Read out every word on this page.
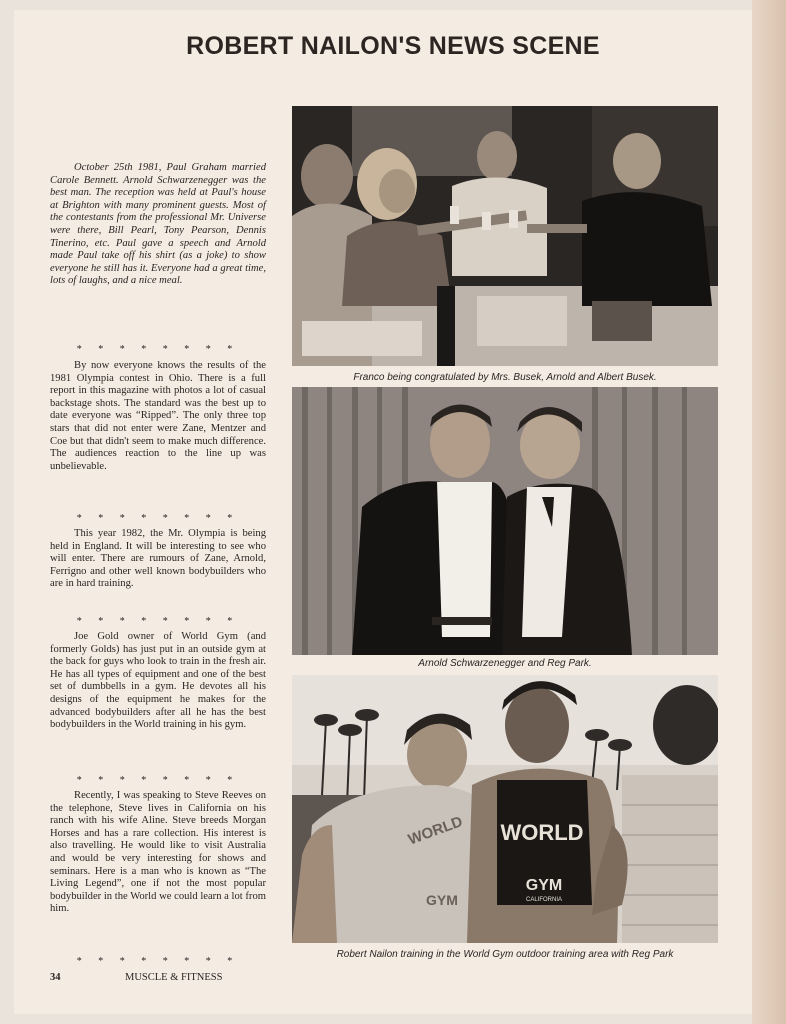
ROBERT NAILON'S NEWS SCENE

October 25th 1981, Paul Graham married Carole Bennett. Arnold Schwarzenegger was the best man. The reception was held at Paul's house at Brighton with many prominent guests. Most of the contestants from the professional Mr. Universe were there, Bill Pearl, Tony Pearson, Dennis Tinerino, etc. Paul gave a speech and Arnold made Paul take off his shirt (as a joke) to show everyone he still has it. Everyone had a great time, lots of laughs, and a nice meal.

* * * * * * * *

By now everyone knows the results of the 1981 Olympia contest in Ohio. There is a full report in this magazine with photos a lot of casual backstage shots. The standard was the best up to date everyone was “Ripped”. The only three top stars that did not enter were Zane, Mentzer and Coe but that didn't seem to make much difference. The audiences reaction to the line up was unbelievable.

* * * * * * * *

This year 1982, the Mr. Olympia is being held in England. It will be interesting to see who will enter. There are rumours of Zane, Arnold, Ferrigno and other well known bodybuilders who are in hard training.

* * * * * * * *

Joe Gold owner of World Gym (and formerly Golds) has just put in an outside gym at the back for guys who look to train in the fresh air. He has all types of equipment and one of the best set of dumbbells in a gym. He devotes all his designs of the equipment he makes for the advanced bodybuilders after all he has the best bodybuilders in the World training in his gym.

* * * * * * * *

Recently, I was speaking to Steve Reeves on the telephone, Steve lives in California on his ranch with his wife Aline. Steve breeds Morgan Horses and has a rare collection. His interest is also travelling. He would like to visit Australia and would be very interesting for shows and seminars. Here is a man who is known as “The Living Legend”, one if not the most popular bodybuilder in the World we could learn a lot from him.

* * * * * * * *
Franco being congratulated by Mrs. Busek, Arnold and Albert Busek.
Arnold Schwarzenegger and Reg Park.
WORLD
GYM
CALIFORNIA
WORLD
GYM
Robert Nailon training in the World Gym outdoor training area with Reg Park
34	MUSCLE & FITNESS
